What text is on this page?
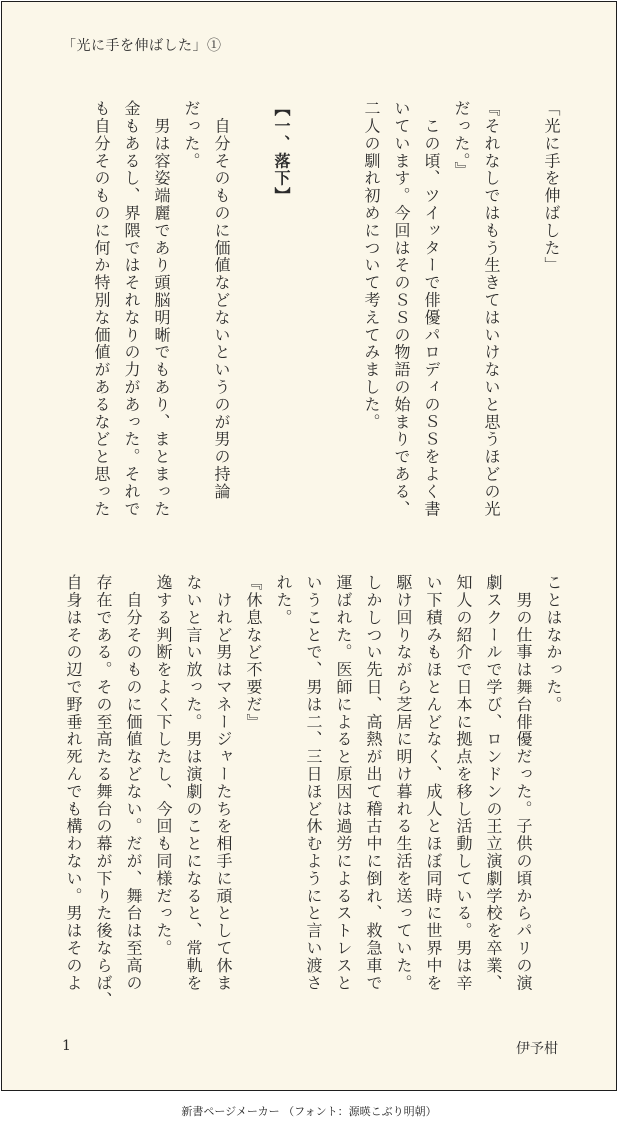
「光に手を伸ばした」①
「光に手を伸ばした」

『それなしではもう生きてはいけないと思うほどの光
だった。』
　この頃、ツイッターで俳優パロディのＳＳをよく書
いています。今回はそのＳＳの物語の始まりである、
二人の馴れ初めについて考えてみました。

【一、落下】

　自分そのものに価値などないというのが男の持論
だった。
　男は容姿端麗であり頭脳明晰でもあり、まとまった
金もあるし、界隈ではそれなりの力があった。それで
も自分そのものに何か特別な価値があるなどと思った
ことはなかった。
　男の仕事は舞台俳優だった。子供の頃からパリの演
劇スクールで学び、ロンドンの王立演劇学校を卒業、
知人の紹介で日本に拠点を移し活動している。男は辛
い下積みもほとんどなく、成人とほぼ同時に世界中を
駆け回りながら芝居に明け暮れる生活を送っていた。
しかしつい先日、高熱が出て稽古中に倒れ、救急車で
運ばれた。医師によると原因は過労によるストレスと
いうことで、男は二、三日ほど休むようにと言い渡さ
れた。
『休息など不要だ』
　けれど男はマネージャーたちを相手に頑として休ま
ないと言い放った。男は演劇のことになると、常軌を
逸する判断をよく下したし、今回も同様だった。
　自分そのものに価値などない。だが、舞台は至高の
存在である。その至高たる舞台の幕が下りた後ならば、
自身はその辺で野垂れ死んでも構わない。男はそのよ
1	伊予柑
新書ページメーカー （フォント：源暎こぶり明朝）
